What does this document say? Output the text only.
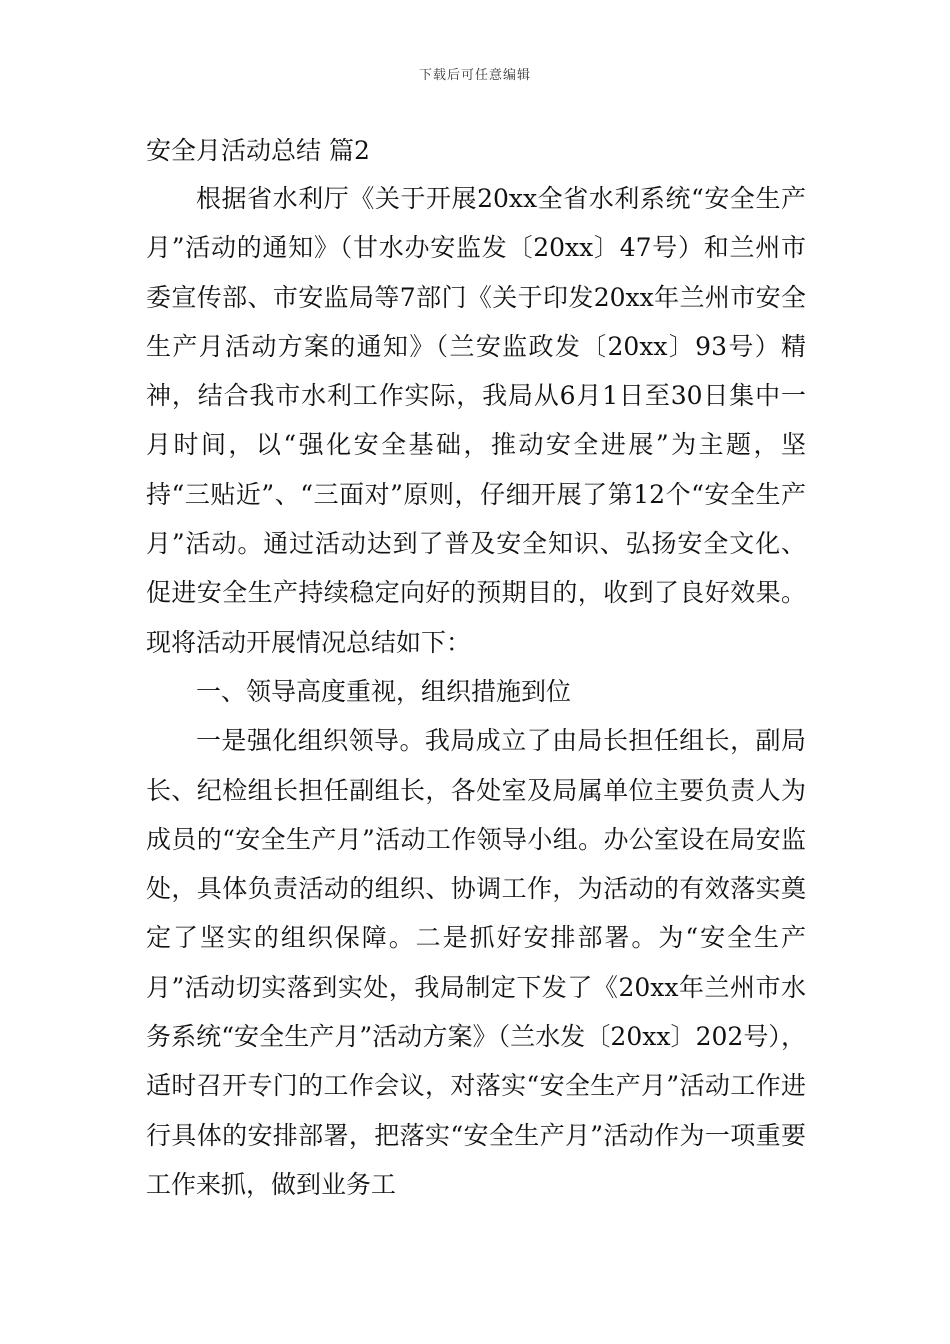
下载后可任意编辑
安全月活动总结 篇2

根据省水利厅《关于开展20xx全省水利系统“安全生产月”活动的通知》（甘水办安监发〔20xx〕47号）和兰州市委宣传部、市安监局等7部门《关于印发20xx年兰州市安全生产月活动方案的通知》（兰安监政发〔20xx〕93号）精神，结合我市水利工作实际，我局从6月1日至30日集中一月时间，以“强化安全基础，推动安全进展”为主题，坚持“三贴近”、“三面对”原则，仔细开展了第12个“安全生产月”活动。通过活动达到了普及安全知识、弘扬安全文化、促进安全生产持续稳定向好的预期目的，收到了良好效果。现将活动开展情况总结如下：

一、领导高度重视，组织措施到位

一是强化组织领导。我局成立了由局长担任组长，副局长、纪检组长担任副组长，各处室及局属单位主要负责人为成员的“安全生产月”活动工作领导小组。办公室设在局安监处，具体负责活动的组织、协调工作，为活动的有效落实奠定了坚实的组织保障。二是抓好安排部署。为“安全生产月”活动切实落到实处，我局制定下发了《20xx年兰州市水务系统“安全生产月”活动方案》（兰水发〔20xx〕202号），适时召开专门的工作会议，对落实“安全生产月”活动工作进行具体的安排部署，把落实“安全生产月”活动作为一项重要工作来抓，做到业务工
